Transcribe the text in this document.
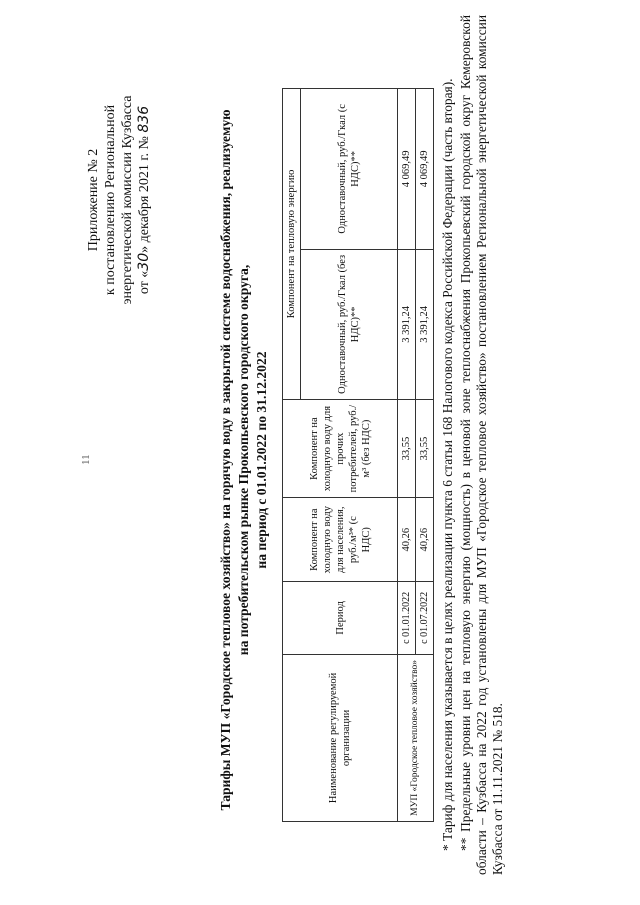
11
Приложение № 2 к постановлению Региональной энергетической комиссии Кузбасса от «30» декабря 2021 г. № 836	Тарифы МУП «Городское тепловое хозяйство» на горячую воду в закрытой системе водоснабжения, реализуемую на потребительском рынке Прокопьевского городского округа, на период с 01.01.2022 по 31.12.2022
Наименование регулируемой организации	Период	Компонент на холодную воду для населения, руб./м³* (с НДС)	Компонент на холодную воду для прочих потребителей, руб./м³ (без НДС)	Компонент на тепловую энергию	
				Одноставочный, руб./Гкал (без НДС)**	Одноставочный, руб./Гкал (с НДС)**
МУП «Городское тепловое хозяйство»	с 01.01.2022	40,26	33,55	3 391,24	4 069,49
	с 01.07.2022	40,26	33,55	3 391,24	4 069,49 * Тариф для населения указывается в целях реализации пункта 6 статьи 168 Налогового кодекса Российской Федерации (часть вторая). ** Предельные уровни цен на тепловую энергию (мощность) в ценовой зоне теплоснабжения Прокопьевский городской округ Кемеровской области – Кузбасса на 2022 год установлены для МУП «Городское тепловое хозяйство» постановлением Региональной энергетической комиссии Кузбасса от 11.11.2021 № 518.
